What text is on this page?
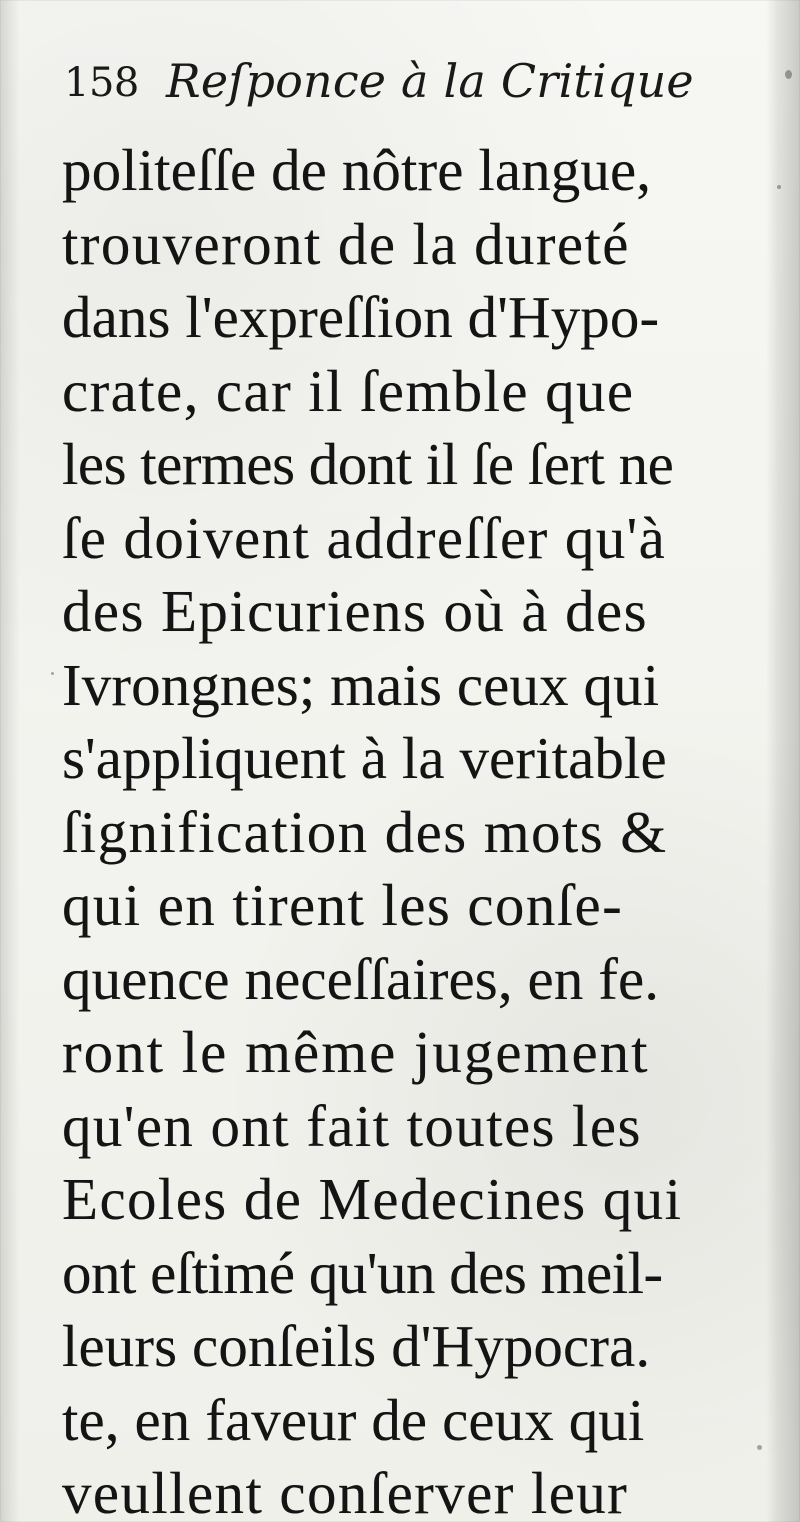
158 Reſponce à la Critique
politeſſe de nôtre langue,
trouveront de la dureté
dans l'expreſſion d'Hypo-
crate, car il ſemble que
les termes dont il ſe ſert ne
ſe doivent addreſſer qu'à
des Epicuriens où à des
Ivrongnes; mais ceux qui
s'appliquent à la veritable
ſignification des mots &
qui en tirent les conſe-
quence neceſſaires, en fe.
ront le même jugement
qu'en ont fait toutes les
Ecoles de Medecines qui
ont eſtimé qu'un des meil-
leurs conſeils d'Hypocra.
te, en faveur de ceux qui
veullent conſerver leur
